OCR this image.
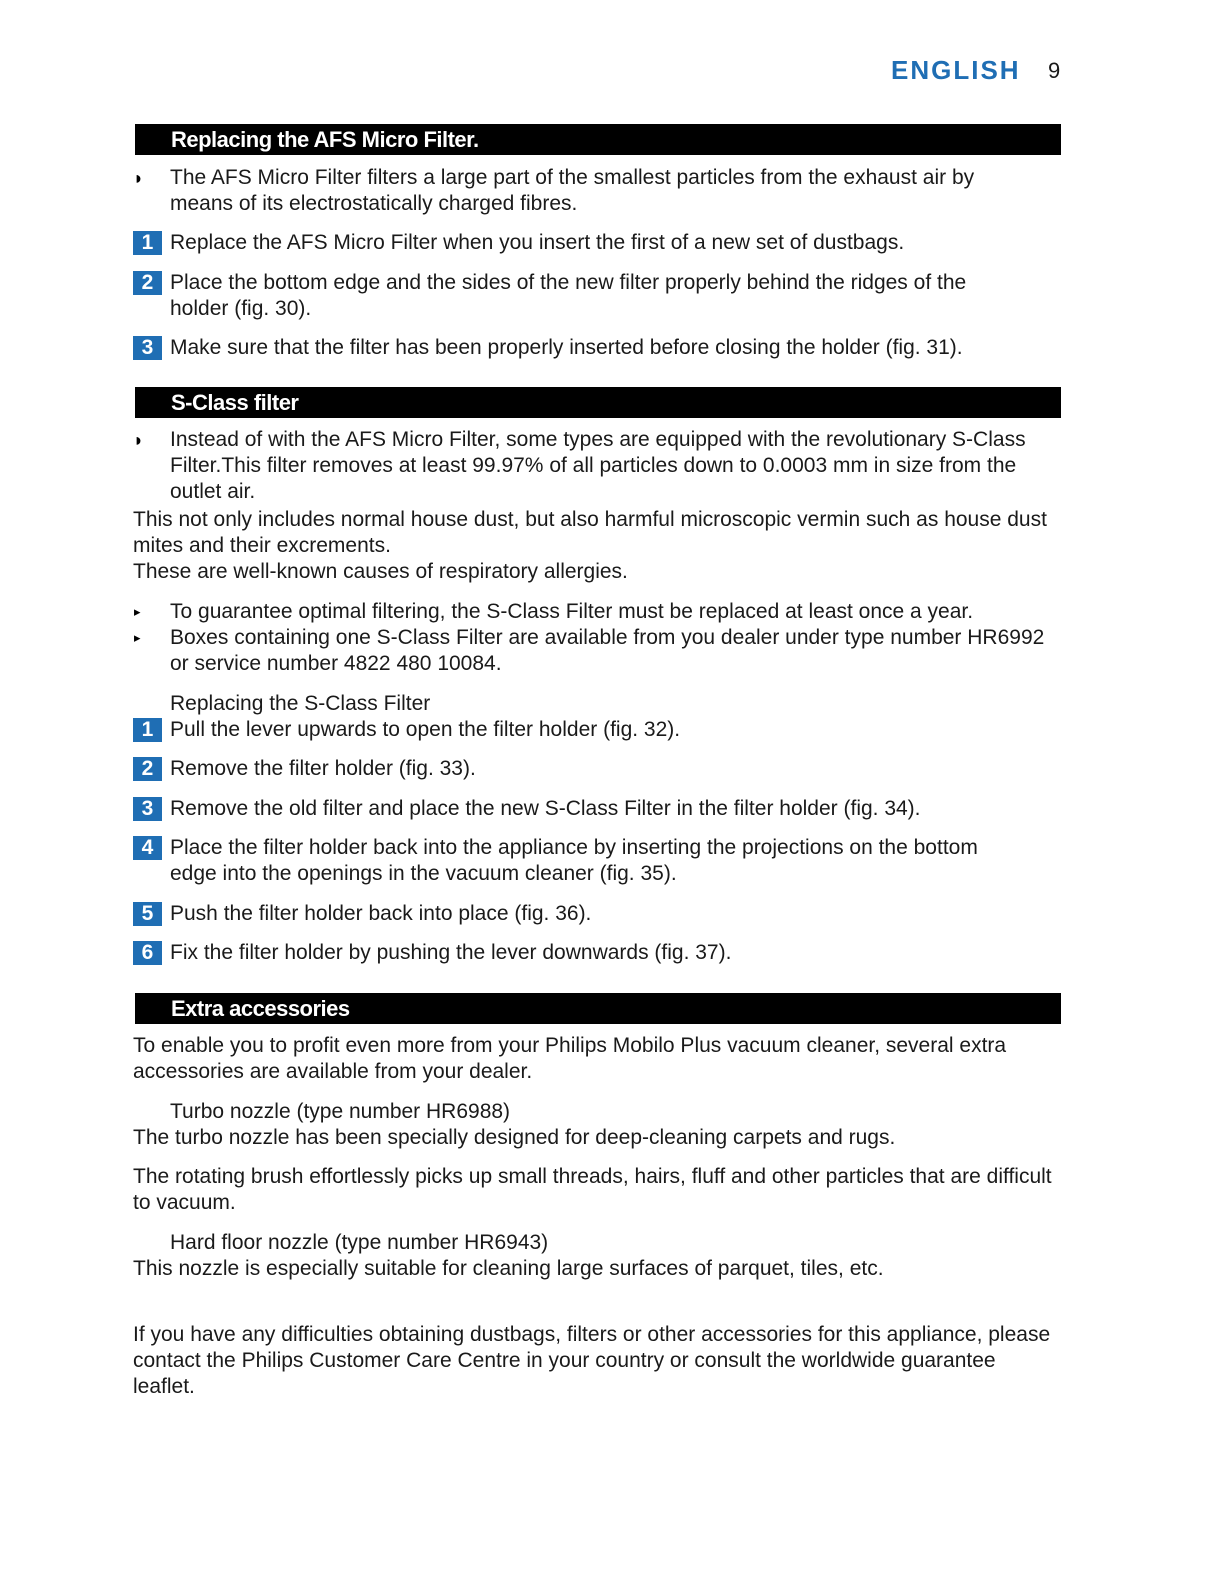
ENGLISH 9
Replacing the AFS Micro Filter.
◗ The AFS Micro Filter filters a large part of the smallest particles from the exhaust air by
means of its electrostatically charged fibres.
1 Replace the AFS Micro Filter when you insert the first of a new set of dustbags.
2 Place the bottom edge and the sides of the new filter properly behind the ridges of the
holder (fig. 30).
3 Make sure that the filter has been properly inserted before closing the holder (fig. 31).
S-Class filter
◗ Instead of with the AFS Micro Filter, some types are equipped with the revolutionary S-Class
Filter.This filter removes at least 99.97% of all particles down to 0.0003 mm in size from the
outlet air.
This not only includes normal house dust, but also harmful microscopic vermin such as house dust
mites and their excrements.
These are well-known causes of respiratory allergies.
▸ To guarantee optimal filtering, the S-Class Filter must be replaced at least once a year.
▸ Boxes containing one S-Class Filter are available from you dealer under type number HR6992
or service number 4822 480 10084.
Replacing the S-Class Filter
1 Pull the lever upwards to open the filter holder (fig. 32).
2 Remove the filter holder (fig. 33).
3 Remove the old filter and place the new S-Class Filter in the filter holder (fig. 34).
4 Place the filter holder back into the appliance by inserting the projections on the bottom
edge into the openings in the vacuum cleaner (fig. 35).
5 Push the filter holder back into place (fig. 36).
6 Fix the filter holder by pushing the lever downwards (fig. 37).
Extra accessories
To enable you to profit even more from your Philips Mobilo Plus vacuum cleaner, several extra
accessories are available from your dealer.
Turbo nozzle (type number HR6988)
The turbo nozzle has been specially designed for deep-cleaning carpets and rugs.
The rotating brush effortlessly picks up small threads, hairs, fluff and other particles that are difficult
to vacuum.
Hard floor nozzle (type number HR6943)
This nozzle is especially suitable for cleaning large surfaces of parquet, tiles, etc.
If you have any difficulties obtaining dustbags, filters or other accessories for this appliance, please
contact the Philips Customer Care Centre in your country or consult the worldwide guarantee
leaflet.
